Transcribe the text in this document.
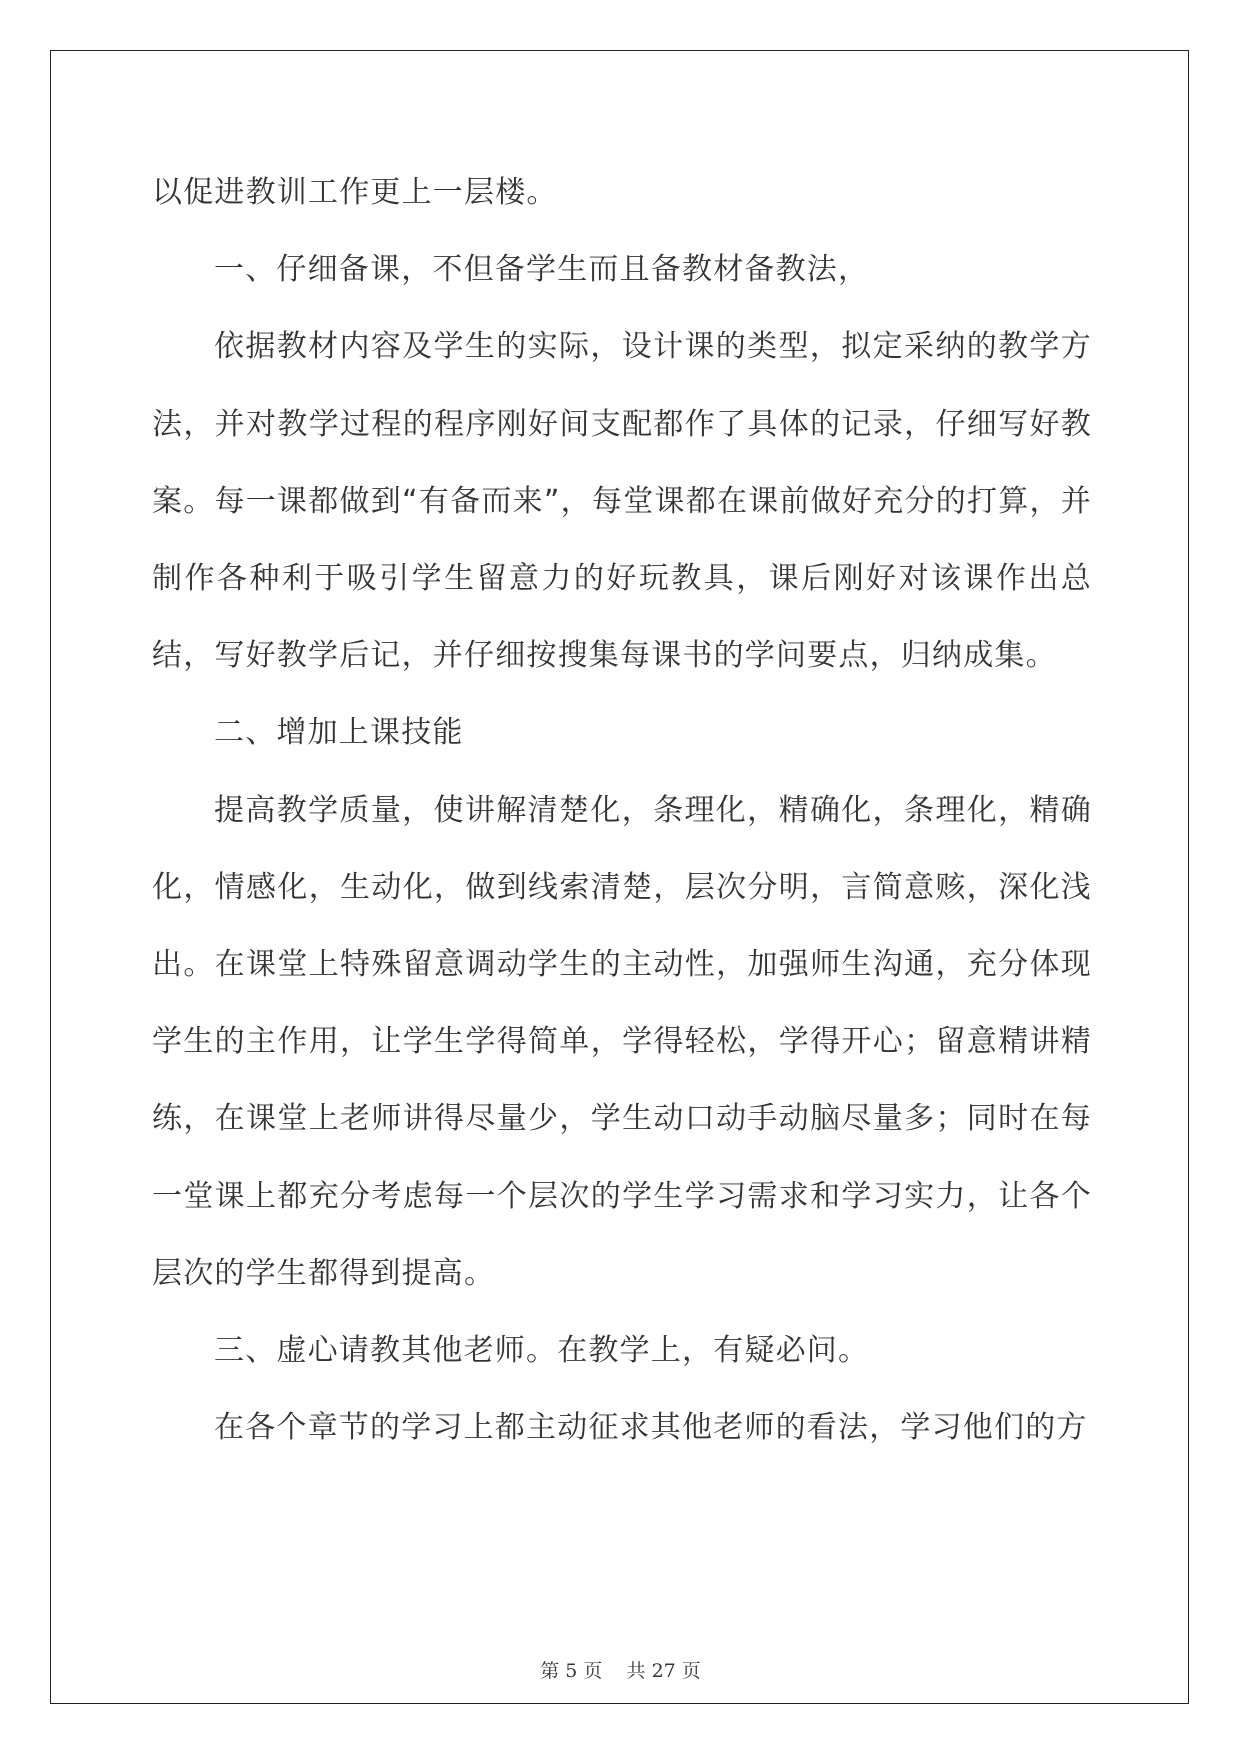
以促进教训工作更上一层楼。

一、仔细备课，不但备学生而且备教材备教法，

依据教材内容及学生的实际，设计课的类型，拟定采纳的教学方法，并对教学过程的程序刚好间支配都作了具体的记录，仔细写好教案。每一课都做到“有备而来”，每堂课都在课前做好充分的打算，并制作各种利于吸引学生留意力的好玩教具，课后刚好对该课作出总结，写好教学后记，并仔细按搜集每课书的学问要点，归纳成集。

二、增加上课技能

提高教学质量，使讲解清楚化，条理化，精确化，条理化，精确化，情感化，生动化，做到线索清楚，层次分明，言简意赅，深化浅出。在课堂上特殊留意调动学生的主动性，加强师生沟通，充分体现学生的主作用，让学生学得简单，学得轻松，学得开心；留意精讲精练，在课堂上老师讲得尽量少，学生动口动手动脑尽量多；同时在每一堂课上都充分考虑每一个层次的学生学习需求和学习实力，让各个层次的学生都得到提高。

三、虚心请教其他老师。在教学上，有疑必问。

在各个章节的学习上都主动征求其他老师的看法，学习他们的方

第 5 页    共 27 页
